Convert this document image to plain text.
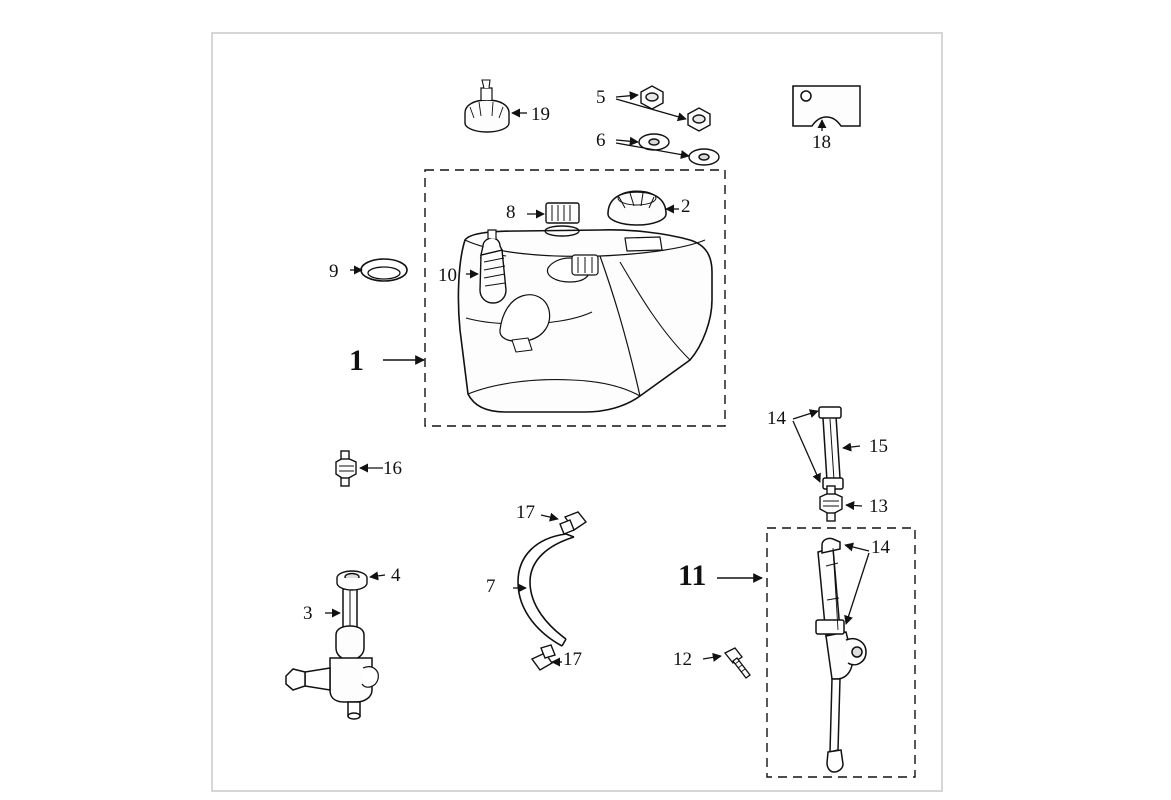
1
2
3
4
5
6
7
8
9	10
11
12
13
14
14
15
16
17
17
18
19
